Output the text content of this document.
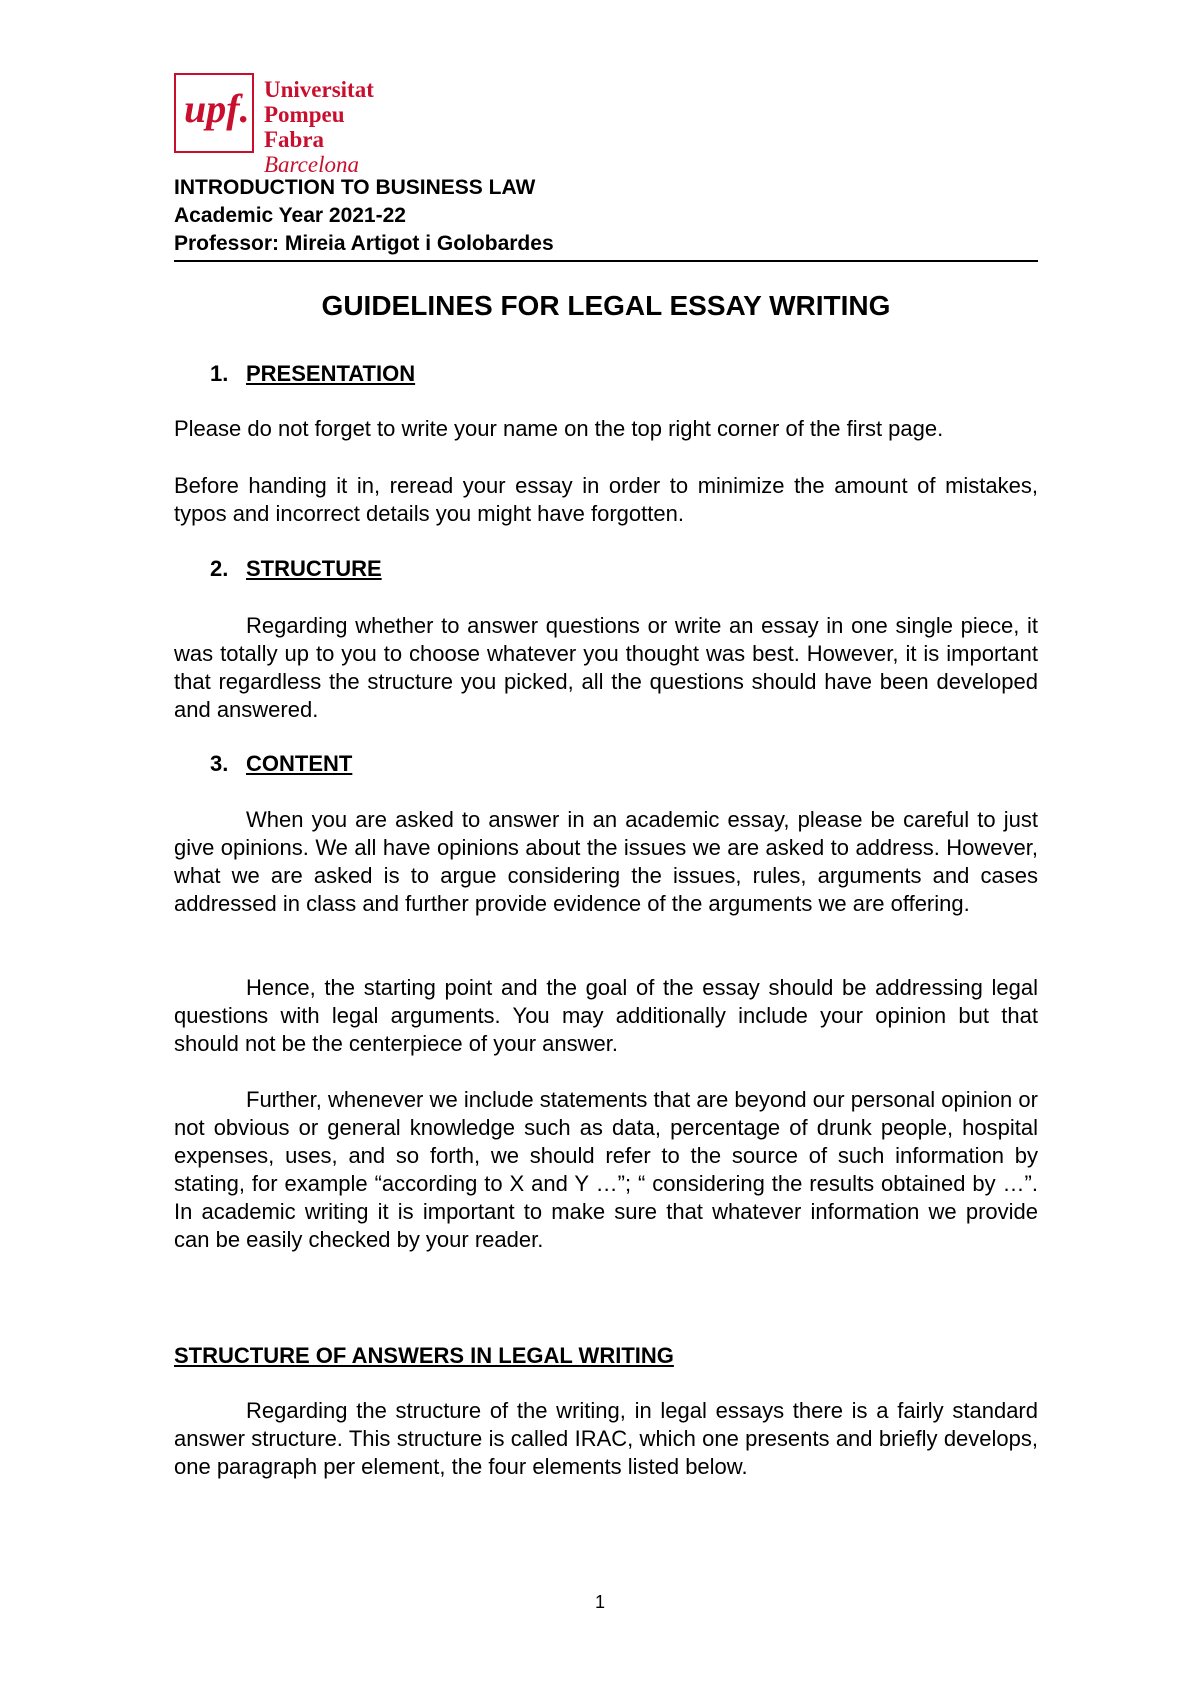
upf. Universitat
Pompeu Fabra
Barcelona
INTRODUCTION TO BUSINESS LAW
Academic Year 2021-22
Professor: Mireia Artigot i Golobardes
GUIDELINES FOR LEGAL ESSAY WRITING
1. PRESENTATION

Please do not forget to write your name on the top right corner of the first page.

Before handing it in, reread your essay in order to minimize the amount of mistakes, typos and incorrect details you might have forgotten.

2. STRUCTURE

Regarding whether to answer questions or write an essay in one single piece, it was totally up to you to choose whatever you thought was best. However, it is important that regardless the structure you picked, all the questions should have been developed and answered.

3. CONTENT

When you are asked to answer in an academic essay, please be careful to just give opinions. We all have opinions about the issues we are asked to address. However, what we are asked is to argue considering the issues, rules, arguments and cases addressed in class and further provide evidence of the arguments we are offering.

Hence, the starting point and the goal of the essay should be addressing legal questions with legal arguments. You may additionally include your opinion but that should not be the centerpiece of your answer.

Further, whenever we include statements that are beyond our personal opinion or not obvious or general knowledge such as data, percentage of drunk people, hospital expenses, uses, and so forth, we should refer to the source of such information by stating, for example “according to X and Y …”; “ considering the results obtained by …”. In academic writing it is important to make sure that whatever information we provide can be easily checked by your reader.

STRUCTURE OF ANSWERS IN LEGAL WRITING

Regarding the structure of the writing, in legal essays there is a fairly standard answer structure. This structure is called IRAC, which one presents and briefly develops, one paragraph per element, the four elements listed below.

1
